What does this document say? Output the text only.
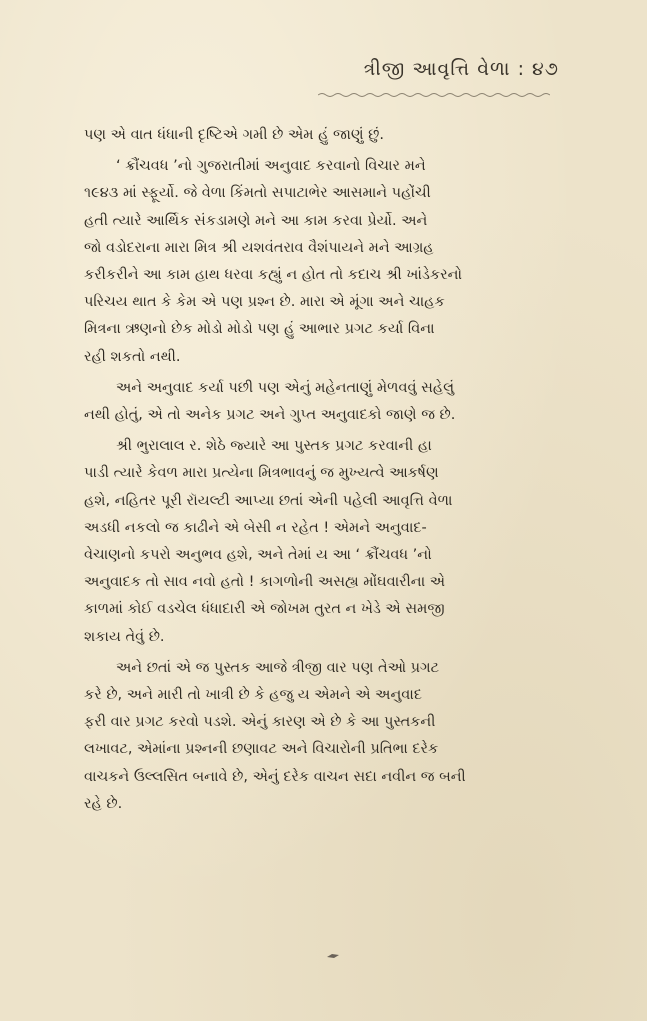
ત્રીજી આવૃત્તિ વેળા : ૪૭
પણ એ વાત ધંધાની દૃષ્ટિએ ગમી છે એમ હું જાણું છું.
‘ ક્રૌંચવધ ’નો ગુજરાતીમાં અનુવાદ કરવાનો વિચાર મને
૧૯૪૩ માં સ્ફૂર્યો. જે વેળા કિંમતો સપાટાભેર આસમાને પહોંચી
હતી ત્યારે આર્થિક સંકડામણે મને આ કામ કરવા પ્રેર્યો. અને
જો વડોદરાના મારા મિત્ર શ્રી યશવંતરાવ વૈશંપાયને મને આગ્રહ
કરીકરીને આ કામ હાથ ધરવા કહ્યું ન હોત તો કદાચ શ્રી ખાંડેકરનો
પરિચય થાત કે કેમ એ પણ પ્રશ્ન છે. મારા એ મૂંગા અને ચાહક
મિત્રના ઋણનો છેક મોડો મોડો પણ હું આભાર પ્રગટ કર્યા વિના
રહી શકતો નથી.
અને અનુવાદ કર્યા પછી પણ એનું મહેનતાણું મેળવવું સહેલું
નથી હોતું, એ તો અનેક પ્રગટ અને ગુપ્ત અનુવાદકો જાણે જ છે.
શ્રી ભુરાલાલ ર. શેઠે જ્યારે આ પુસ્તક પ્રગટ કરવાની હા
પાડી ત્યારે કેવળ મારા પ્રત્યેના મિત્રભાવનું જ મુખ્યત્વે આકર્ષણ
હશે, નહિતર પૂરી રૉયલ્ટી આપ્યા છતાં એની પહેલી આવૃત્તિ વેળા
અડધી નકલો જ કાઢીને એ બેસી ન રહેત ! એમને અનુવાદ-
વેચાણનો કપરો અનુભવ હશે, અને તેમાં ય આ ‘ ક્રૌંચવધ ’નો
અનુવાદક તો સાવ નવો હતો ! કાગળોની અસહ્ય મોંઘવારીના એ
કાળમાં કોઈ વડચેલ ધંધાદારી એ જોખમ તુરત ન ખેડે એ સમજી
શકાય તેવું છે.
અને છતાં એ જ પુસ્તક આજે ત્રીજી વાર પણ તેઓ પ્રગટ
કરે છે, અને મારી તો ખાત્રી છે કે હજુ ય એમને એ અનુવાદ
ફરી વાર પ્રગટ કરવો પડશે. એનું કારણ એ છે કે આ પુસ્તકની
લખાવટ, એમાંના પ્રશ્નની છણાવટ અને વિચારોની પ્રતિભા દરેક
વાચકને ઉલ્લસિત બનાવે છે, એનું દરેક વાચન સદા નવીન જ બની
રહે છે.
